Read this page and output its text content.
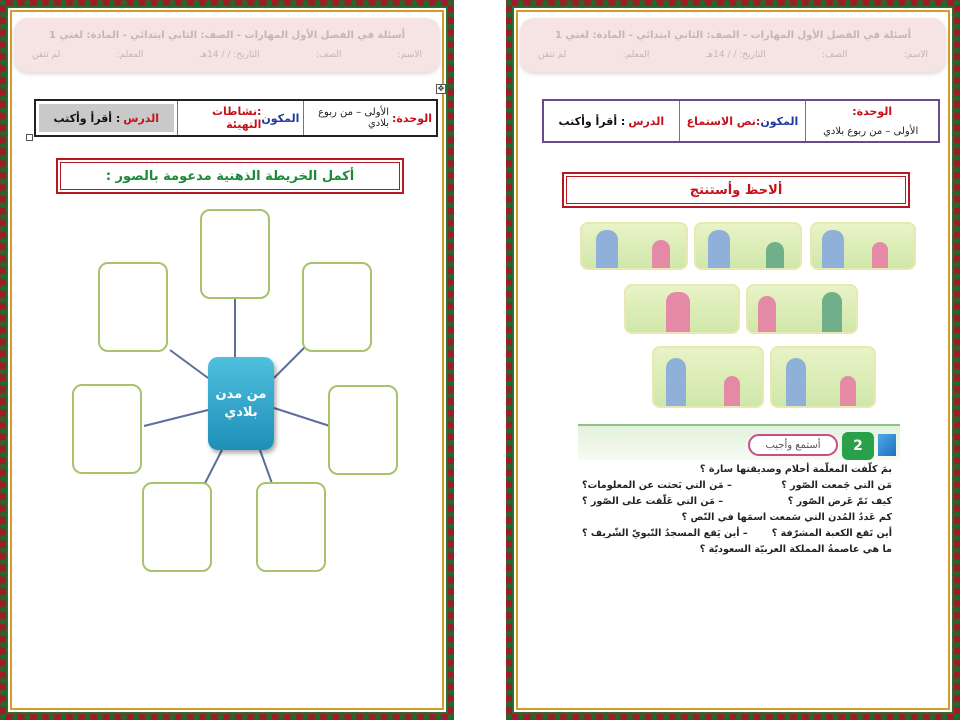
أسئلة في الفصل الأول المهارات - الصف: الثاني ابتدائي - المادة: لغتي 1
الاسم:
الصف:
التاريخ: / / 14هـ
المعلم:
لم تتقن
الوحدة:
الأولى – من ربوع بلادي
المكون
:نشاطات التهيئة
الدرس
: أقرأ وأكتب
أكمل الخريطة الذهنية مدعومة بالصور :
من مدن بلادي
أسئلة في الفصل الأول المهارات - الصف: الثاني ابتدائي - المادة: لغتي 1
الاسم:
الصف:
التاريخ: / / 14هـ
المعلم:
لم تتقن
الوحدة:
الأولى – من ربوع بلادي
المكون
:نص الاستماع
الدرس
: أقرأ وأكتب
ألاحظ وأستنتج
أستمع وأجيب	2
بمَ كلّفت المعلّمة أحلام وصديقتها سارة ؟
مَن التي جَمعت الصّور ؟
– مَن التي بَحثت عن المعلومات؟
كيف تَمّ عَرض الصّور ؟
– مَن التي عَلّقت على الصّور ؟
كم عَددُ المُدن التي سَمعت اسمَها في النّص ؟
أين تَقع الكعبة المشرّفة ؟
– أين يَقع المسجدُ النّبويّ الشّريف ؟
ما هي عاصمةُ المملكة العربيّة السعوديّة ؟
✥
